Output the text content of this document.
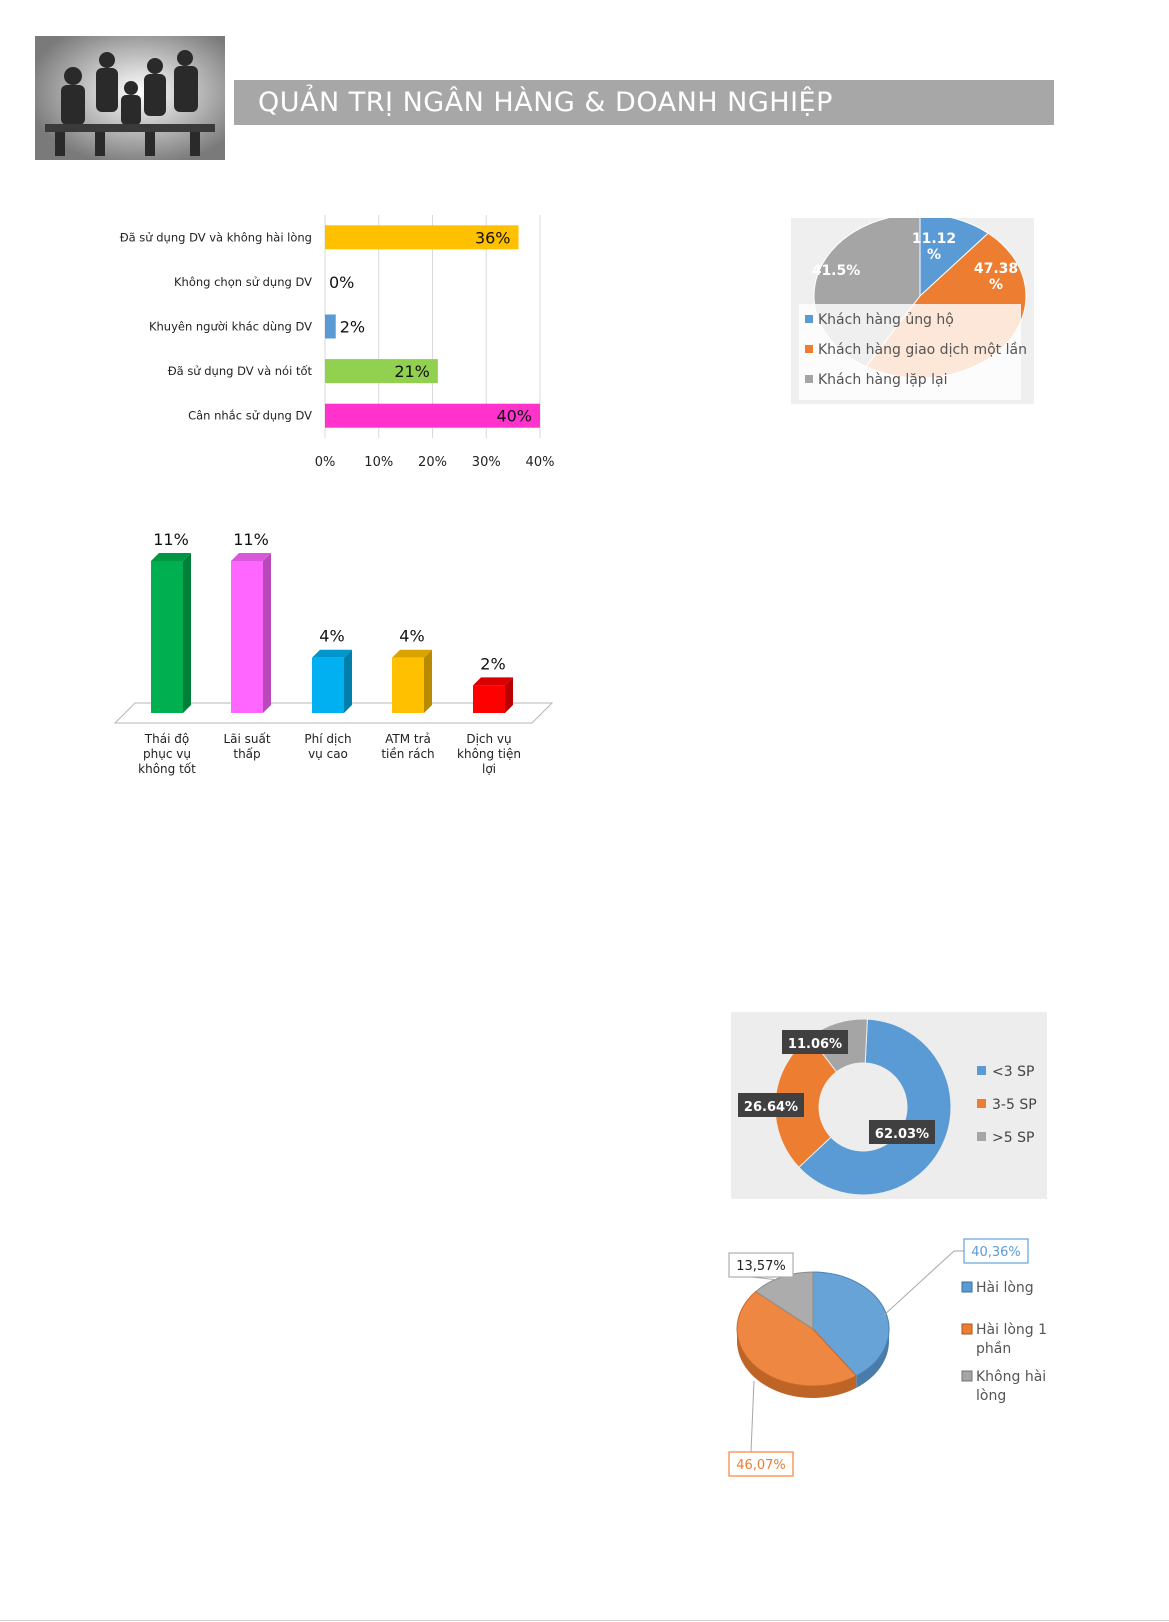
QUẢN TRỊ NGÂN HÀNG & DOANH NGHIỆP
0% 10% 20% 30% 40%
Đã sử dụng DV và không hài lòng	36%
Không chọn sử dụng DV 0%
Khuyên người khác dùng DV 2%
Đã sử dụng DV và nói tốt	21%
Cân nhắc sử dụng DV	40%
Khách hàng ủng hộ
Khách hàng giao dịch một lần
Khách hàng lặp lại
11.12
%
47.38
%
41.5%
11%
Thái độ
phục vụ
không tốt
11%
Lãi suất
thấp
4%
Phí dịch
vụ cao
4%
ATM trả
tiền rách
2%
Dịch vụ
không tiện
lợi
62.03%
26.64%
11.06%
<3 SP
3-5 SP
>5 SP
40,36%
46,07%
13,57%
Hài lòng
Hài lòng 1
phần
Không hài
lòng
